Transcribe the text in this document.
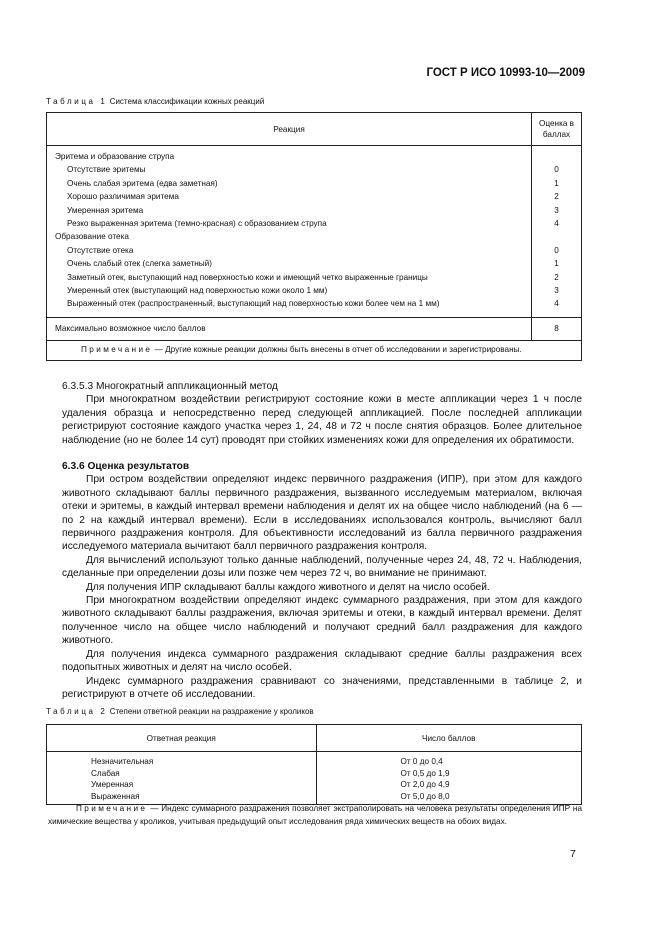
ГОСТ Р ИСО 10993-10—2009
Таблица 1 Система классификации кожных реакций
Реакция	Оценка в баллах
Эритема и образование струпа	
Отсутствие эритемы	0
Очень слабая эритема (едва заметная)	1
Хорошо различимая эритема	2
Умеренная эритема	3
Резко выраженная эритема (темно-красная) с образованием струпа	4
Образование отека	
Отсутствие отека	0
Очень слабый отек (слегка заметный)	1
Заметный отек, выступающий над поверхностью кожи и имеющий четко выраженные границы	2
Умеренный отек (выступающий над поверхностью кожи около 1 мм)	3
Выраженный отек (распространенный, выступающий над поверхностью кожи более чем на 1 мм)	4

Максимально возможное число баллов	8
Примечание — Другие кожные реакции должны быть внесены в отчет об исследовании и зарегистрированы.	

6.3.5.3 Многократный аппликационный метод

При многократном воздействии регистрируют состояние кожи в месте аппликации через 1 ч после удаления образца и непосредственно перед следующей аппликацией. После последней аппликации регистрируют состояние каждого участка через 1, 24, 48 и 72 ч после снятия образцов. Более длительное наблюдение (но не более 14 сут) проводят при стойких изменениях кожи для определения их обратимости.

6.3.6 Оценка результатов

При остром воздействии определяют индекс первичного раздражения (ИПР), при этом для каждого животного складывают баллы первичного раздражения, вызванного исследуемым материалом, включая отеки и эритемы, в каждый интервал времени наблюдения и делят их на общее число наблюдений (на 6 — по 2 на каждый интервал времени). Если в исследованиях использовался контроль, вычисляют балл первичного раздражения контроля. Для объективности исследований из балла первичного раздражения исследуемого материала вычитают балл первичного раздражения контроля.

Для вычислений используют только данные наблюдений, полученные через 24, 48, 72 ч. Наблюдения, сделанные при определении дозы или позже чем через 72 ч, во внимание не принимают.

Для получения ИПР складывают баллы каждого животного и делят на число особей.

При многократном воздействии определяют индекс суммарного раздражения, при этом для каждого животного складывают баллы раздражения, включая эритемы и отеки, в каждый интервал времени. Делят полученное число на общее число наблюдений и получают средний балл раздражения для каждого животного.

Для получения индекса суммарного раздражения складывают средние баллы раздражения всех подопытных животных и делят на число особей.

Индекс суммарного раздражения сравнивают со значениями, представленными в таблице 2, и регистрируют в отчете об исследовании.

Таблица 2 Степени ответной реакции на раздражение у кроликов
Ответная реакция	Число баллов
Незначительная	От 0 до 0,4
Слабая	От 0,5 до 1,9
Умеренная	От 2,0 до 4,9
Выраженная	От 5,0 до 8,0

Примечание — Индекс суммарного раздражения позволяет экстраполировать на человека результаты определения ИПР на химические вещества у кроликов, учитывая предыдущий опыт исследования ряда химических веществ на обоих видах.

7
